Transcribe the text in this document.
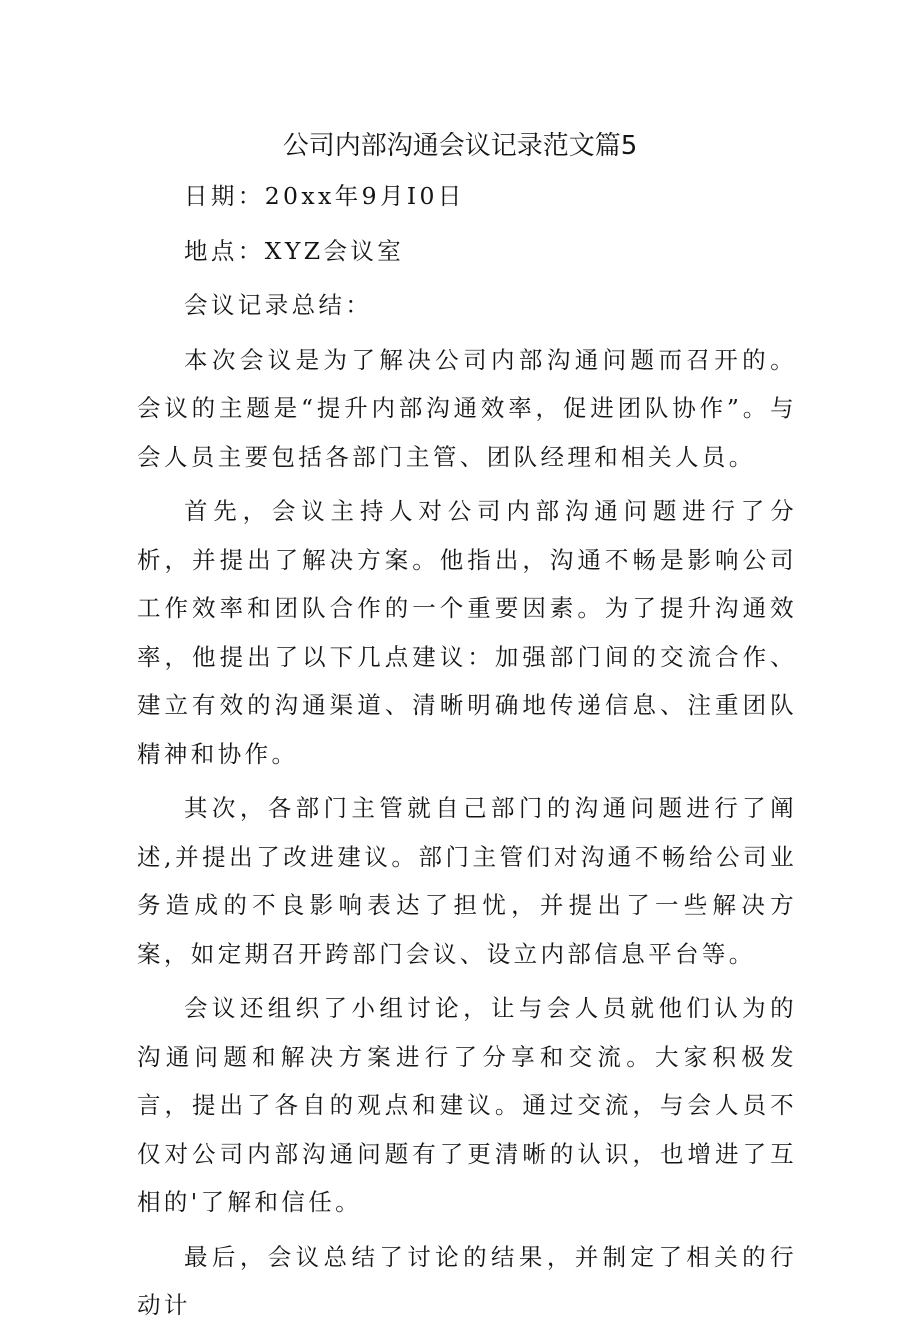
公司内部沟通会议记录范文篇5

日期：20xx年9月I0日

地点：XYZ会议室

会议记录总结：

本次会议是为了解决公司内部沟通问题而召开的。会议的主题是“提升内部沟通效率，促进团队协作”。与会人员主要包括各部门主管、团队经理和相关人员。

首先，会议主持人对公司内部沟通问题进行了分析，并提出了解决方案。他指出，沟通不畅是影响公司工作效率和团队合作的一个重要因素。为了提升沟通效率，他提出了以下几点建议：加强部门间的交流合作、建立有效的沟通渠道、清晰明确地传递信息、注重团队精神和协作。

其次，各部门主管就自己部门的沟通问题进行了阐述,并提出了改进建议。部门主管们对沟通不畅给公司业务造成的不良影响表达了担忧，并提出了一些解决方案，如定期召开跨部门会议、设立内部信息平台等。

会议还组织了小组讨论，让与会人员就他们认为的沟通问题和解决方案进行了分享和交流。大家积极发言，提出了各自的观点和建议。通过交流，与会人员不仅对公司内部沟通问题有了更清晰的认识，也增进了互相的'了解和信任。

最后，会议总结了讨论的结果，并制定了相关的行动计
